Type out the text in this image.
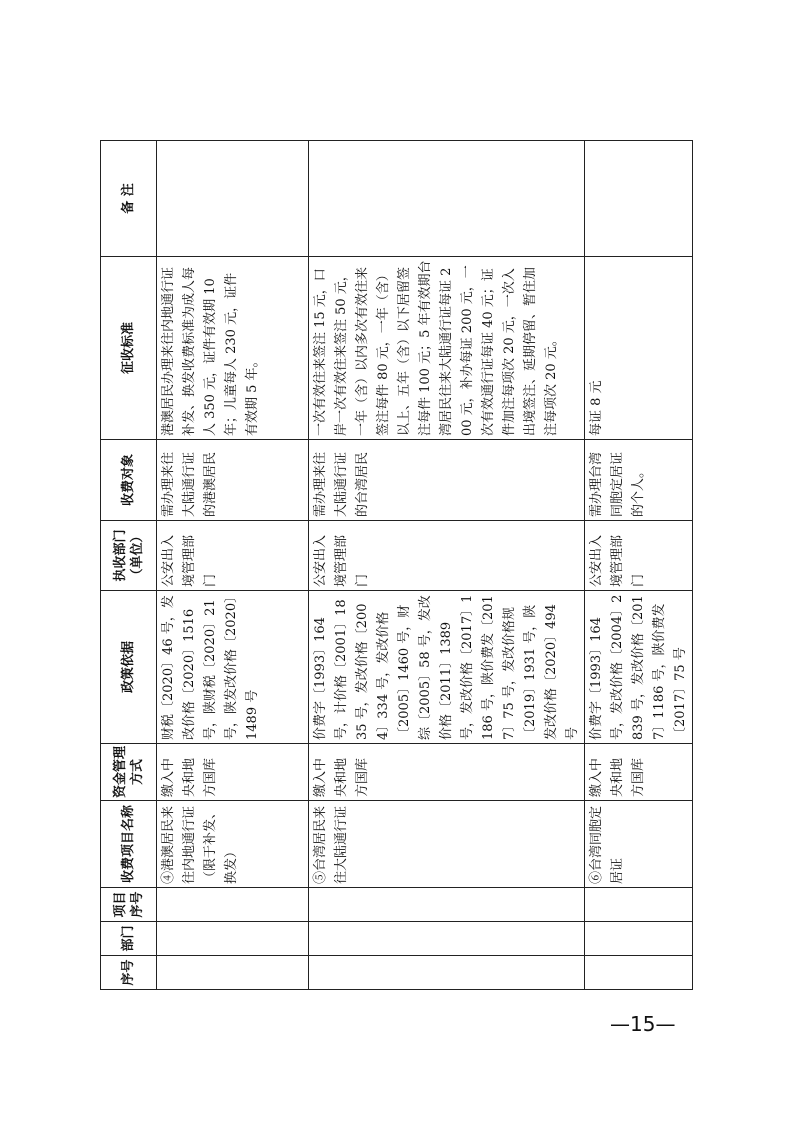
序号	部门	项目序号	收费项目名称	资金管理方式	政策依据	执收部门（单位）	收费对象	征收标准	备 注
			④港澳居民来往内地通行证（限于补发、换发）	缴入中央和地方国库	财税〔2020〕46 号，发改价格〔2020〕1516 号，陕财税〔2020〕21 号，陕发改价格〔2020〕1489 号	公安出入境管理部门	需办理来往大陆通行证的港澳居民	港澳居民办理来往内地通行证补发、换发收费标准为成人每人 350 元，证件有效期 10 年；儿童每人 230 元，证件有效期 5 年。	
			⑤台湾居民来往大陆通行证	缴入中央和地方国库	价费字〔1993〕164 号，计价格〔2001〕1835 号，发改价格〔2004〕334 号，发改价格〔2005〕1460 号，财综〔2005〕58 号，发改价格〔2011〕1389 号，发改价格〔2017〕1186 号，陕价费发〔2017〕75 号，发改价格规〔2019〕1931 号，陕发改价格〔2020〕494 号	公安出入境管理部门	需办理来往大陆通行证的台湾居民	一次有效往来签注 15 元，口岸一次有效往来签注 50 元，一年（含）以内多次有效往来签注每件 80 元，一年（含）以上、五年（含）以下居留签注每件 100 元；5 年有效期台湾居民往来大陆通行证每证 200 元，补办每证 200 元，一次有效通行证每证 40 元；证件加注每项次 20 元，一次入出境签注、延期停留、暂住加注每项次 20 元。	
			⑥台湾同胞定居证	缴入中央和地方国库	价费字〔1993〕164 号，发改价格〔2004〕2839 号，发改价格〔2017〕1186 号，陕价费发〔2017〕75 号	公安出入境管理部门	需办理台湾同胞定居证的个人。	每证 8 元	
—15—
